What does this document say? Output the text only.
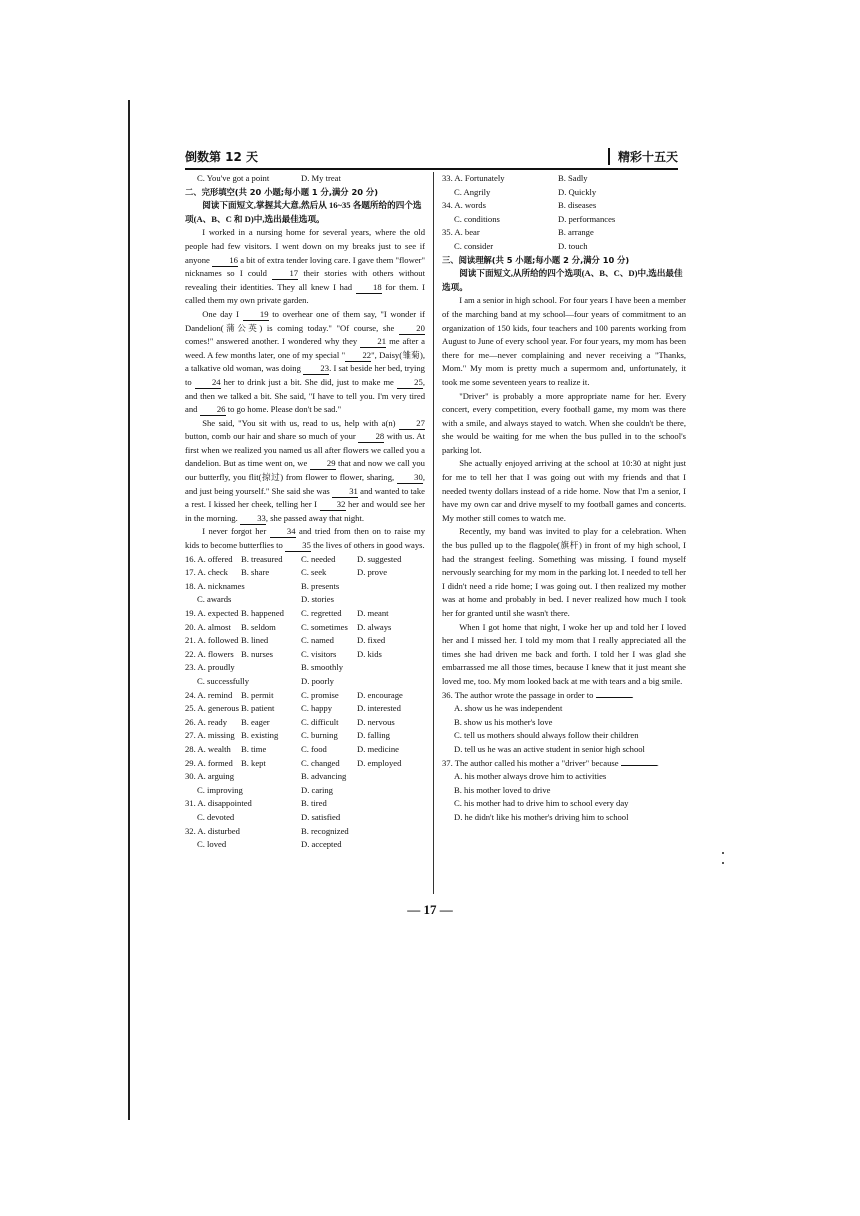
倒数第 12 天	精彩十五天
C. You've got a point	D. My treat

二、完形填空(共 20 小题;每小题 1 分,满分 20 分)

阅读下面短文,掌握其大意,然后从 16~35 各题所给的四个选项(A、B、C 和 D)中,选出最佳选项。

I worked in a nursing home for several years, where the old people had few visitors. I went down on my breaks just to see if anyone 16 a bit of extra tender loving care. I gave them "flower" nicknames so I could 17 their stories with others without revealing their identities. They all knew I had 18 for them. I called them my own private garden.

One day I 19 to overhear one of them say, "I wonder if Dandelion(蒲公英) is coming today." "Of course, she 20 comes!" answered another. I wondered why they 21 me after a weed. A few months later, one of my special " 22", Daisy(雏菊), a talkative old woman, was doing 23. I sat beside her bed, trying to 24 her to drink just a bit. She did, just to make me 25, and then we talked a bit. She said, "I have to tell you. I'm very tired and 26 to go home. Please don't be sad."

She said, "You sit with us, read to us, help with a(n) 27 button, comb our hair and share so much of your 28 with us. At first when we realized you named us all after flowers we called you a dandelion. But as time went on, we 29 that and now we call you our butterfly, you flit(掠过) from flower to flower, sharing, 30, and just being yourself." She said she was 31 and wanted to take a rest. I kissed her cheek, telling her I 32 her and would see her in the morning. 33, she passed away that night.

I never forgot her 34 and tried from then on to raise my kids to become butterflies to 35 the lives of others in good ways.

16. A. offered B. treasured	C. needed	D. suggested
17. A. check	B. share	C. seek	D. prove
18. A. nicknames	B. presents
C. awards	D. stories
19. A. expected B. happened	C. regretted	D. meant
20. A. almost	B. seldom	C. sometimes	D. always
21. A. followed B. lined	C. named	D. fixed
22. A. flowers B. nurses	C. visitors	D. kids
23. A. proudly	B. smoothly
C. successfully	D. poorly
24. A. remind	B. permit	C. promise	D. encourage
25. A. generous B. patient	C. happy	D. interested
26. A. ready	B. eager	C. difficult	D. nervous
27. A. missing B. existing	C. burning	D. falling
28. A. wealth	B. time	C. food	D. medicine
29. A. formed B. kept	C. changed	D. employed
30. A. arguing	B. advancing
C. improving	D. caring
31. A. disappointed	B. tired
C. devoted	D. satisfied
32. A. disturbed	B. recognized
C. loved	D. accepted
33. A. Fortunately	B. Sadly
C. Angrily	D. Quickly
34. A. words	B. diseases
C. conditions	D. performances
35. A. bear	B. arrange
C. consider	D. touch

三、阅读理解(共 5 小题;每小题 2 分,满分 10 分)

阅读下面短文,从所给的四个选项(A、B、C、D)中,选出最佳选项。

I am a senior in high school. For four years I have been a member of the marching band at my school—four years of commitment to an organization of 150 kids, four teachers and 100 parents working from August to June of every school year. For four years, my mom has been there for me—never complaining and never receiving a "Thanks, Mom." My mom is pretty much a supermom and, unfortunately, it took me some seventeen years to realize it.

"Driver" is probably a more appropriate name for her. Every concert, every competition, every football game, my mom was there with a smile, and always stayed to watch. When she couldn't be there, she would be waiting for me when the bus pulled in to the school's parking lot.

She actually enjoyed arriving at the school at 10:30 at night just for me to tell her that I was going out with my friends and that I needed twenty dollars instead of a ride home. Now that I'm a senior, I have my own car and drive myself to my football games and concerts. My mother still comes to watch me.

Recently, my band was invited to play for a celebration. When the bus pulled up to the flagpole(旗杆) in front of my high school, I had the strangest feeling. Something was missing. I found myself nervously searching for my mom in the parking lot. I needed to tell her I didn't need a ride home; I was going out. I then realized my mother was at home and probably in bed. I never realized how much I took her for granted until she wasn't there.

When I got home that night, I woke her up and told her I loved her and I missed her. I told my mom that I really appreciated all the times she had driven me back and forth. I told her I was glad she embarrassed me all those times, because I knew that it just meant she loved me, too. My mom looked back at me with tears and a big smile.

36. The author wrote the passage in order to	.

A. show us he was independent

B. show us his mother's love

C. tell us mothers should always follow their children

D. tell us he was an active student in senior high school

37. The author called his mother a "driver" because	.

A. his mother always drove him to activities

B. his mother loved to drive

C. his mother had to drive him to school every day

D. he didn't like his mother's driving him to school

— 17 —
